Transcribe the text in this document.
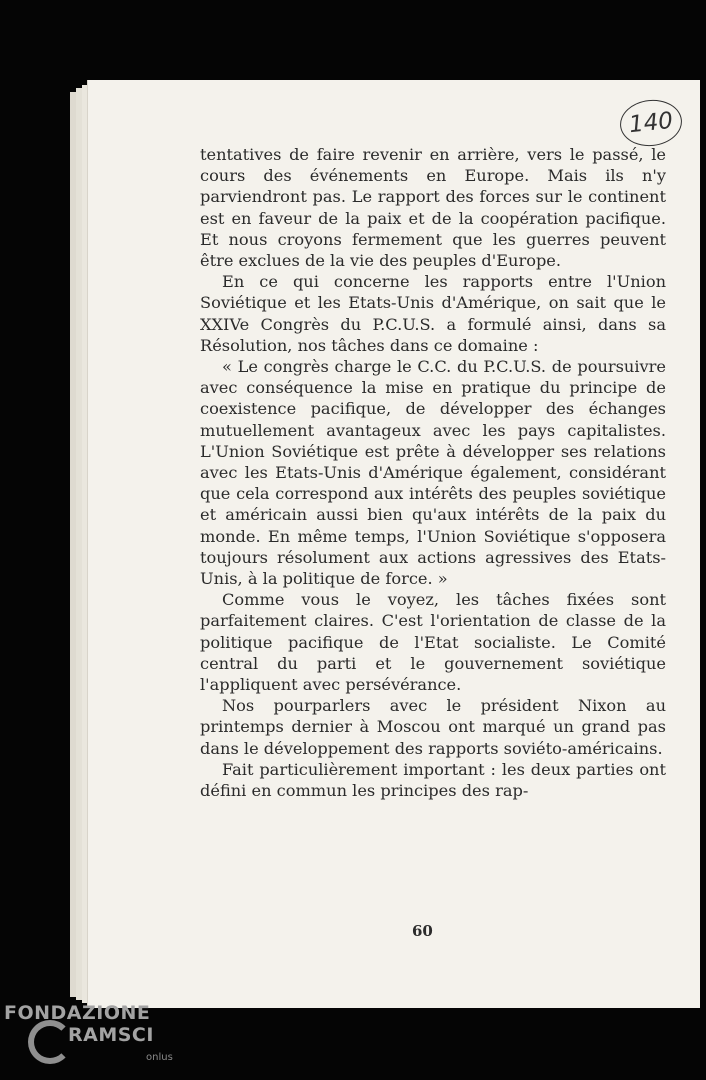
140

tentatives de faire revenir en arrière, vers le passé, le cours des événements en Europe. Mais ils n'y parviendront pas. Le rapport des forces sur le continent est en faveur de la paix et de la coopération pacifique. Et nous croyons fermement que les guerres peuvent être exclues de la vie des peuples d'Europe.

En ce qui concerne les rapports entre l'Union Soviétique et les Etats-Unis d'Amérique, on sait que le XXIVe Congrès du P.C.U.S. a formulé ainsi, dans sa Résolution, nos tâches dans ce domaine :

« Le congrès charge le C.C. du P.C.U.S. de poursuivre avec conséquence la mise en pratique du principe de coexistence pacifique, de développer des échanges mutuellement avantageux avec les pays capitalistes. L'Union Soviétique est prête à développer ses relations avec les Etats-Unis d'Amérique également, considérant que cela correspond aux intérêts des peuples soviétique et américain aussi bien qu'aux intérêts de la paix du monde. En même temps, l'Union Soviétique s'opposera toujours résolument aux actions agressives des Etats-Unis, à la politique de force. »

Comme vous le voyez, les tâches fixées sont parfaitement claires. C'est l'orientation de classe de la politique pacifique de l'Etat socialiste. Le Comité central du parti et le gouvernement soviétique l'appliquent avec persévérance.

Nos pourparlers avec le président Nixon au printemps dernier à Moscou ont marqué un grand pas dans le développement des rapports soviéto-américains.

Fait particulièrement important : les deux parties ont défini en commun les principes des rap-

60
FONDAZIONE
RAMSCI
onlus
